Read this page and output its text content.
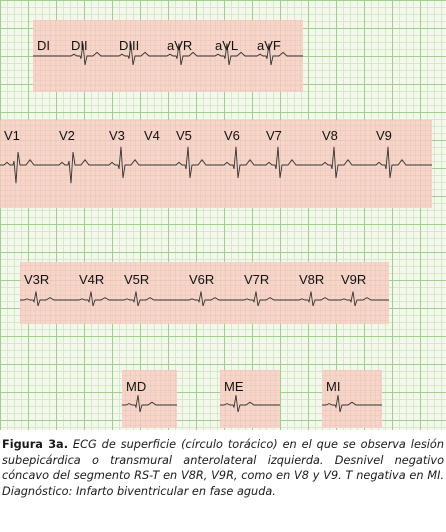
DI DII DIII aVR aVL aVF
V1	V2	V3 V4 V5 V6 V7	V8	V9
V3R V4R V5R	V6R V7R V8R V9R
MD	ME	MI

Figura 3a. ECG de superficie (círculo torácico) en el que se observa lesión subepicárdica o transmural anterolateral izquierda. Desnivel negativo cóncavo del segmento RS-T en V8R, V9R, como en V8 y V9. T negativa en MI. Diagnóstico: Infarto biventricular en fase aguda.
